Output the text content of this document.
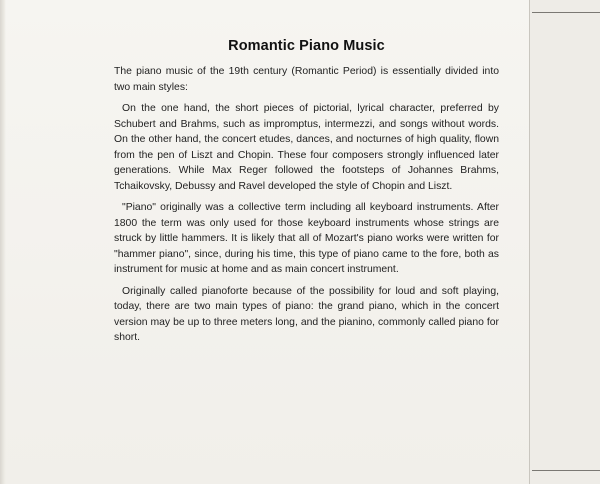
Romantic Piano Music

The piano music of the 19th century (Romantic Period) is essentially divided into two main styles:

On the one hand, the short pieces of pictorial, lyrical character, preferred by Schubert and Brahms, such as impromptus, intermezzi, and songs without words. On the other hand, the concert etudes, dances, and nocturnes of high quality, flown from the pen of Liszt and Chopin. These four composers strongly influenced later generations. While Max Reger followed the footsteps of Johannes Brahms, Tchaikovsky, Debussy and Ravel developed the style of Chopin and Liszt.

"Piano" originally was a collective term including all keyboard instruments. After 1800 the term was only used for those keyboard instruments whose strings are struck by little hammers. It is likely that all of Mozart's piano works were written for "hammer piano", since, during his time, this type of piano came to the fore, both as instrument for music at home and as main concert instrument.

Originally called pianoforte because of the possibility for loud and soft playing, today, there are two main types of piano: the grand piano, which in the concert version may be up to three meters long, and the pianino, commonly called piano for short.
